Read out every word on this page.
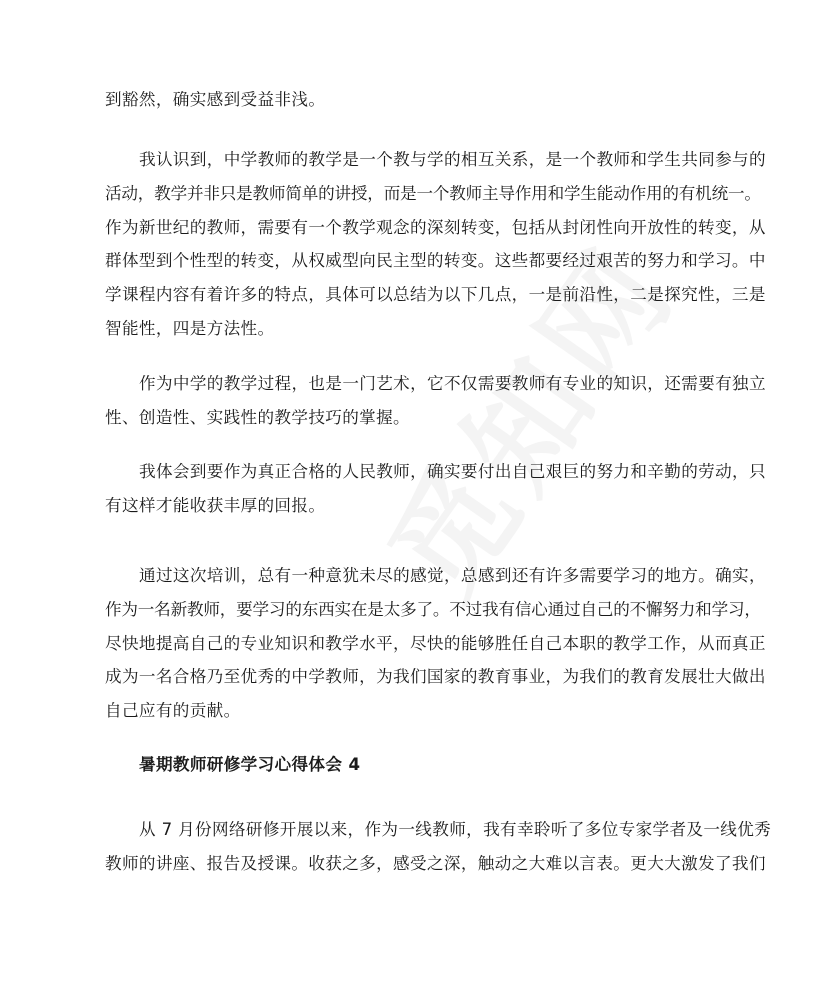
到豁然，确实感到受益非浅。
我认识到，中学教师的教学是一个教与学的相互关系，是一个教师和学生共同参与的
活动，教学并非只是教师简单的讲授，而是一个教师主导作用和学生能动作用的有机统一。
作为新世纪的教师，需要有一个教学观念的深刻转变，包括从封闭性向开放性的转变，从
群体型到个性型的转变，从权威型向民主型的转变。这些都要经过艰苦的努力和学习。中
学课程内容有着许多的特点，具体可以总结为以下几点，一是前沿性，二是探究性，三是
智能性，四是方法性。
作为中学的教学过程，也是一门艺术，它不仅需要教师有专业的知识，还需要有独立
性、创造性、实践性的教学技巧的掌握。
我体会到要作为真正合格的人民教师，确实要付出自己艰巨的努力和辛勤的劳动，只
有这样才能收获丰厚的回报。
通过这次培训，总有一种意犹未尽的感觉，总感到还有许多需要学习的地方。确实，
作为一名新教师，要学习的东西实在是太多了。不过我有信心通过自己的不懈努力和学习，
尽快地提高自己的专业知识和教学水平，尽快的能够胜任自己本职的教学工作，从而真正
成为一名合格乃至优秀的中学教师，为我们国家的教育事业，为我们的教育发展壮大做出
自己应有的贡献。
暑期教师研修学习心得体会 4
从 7 月份网络研修开展以来，作为一线教师，我有幸聆听了多位专家学者及一线优秀
教师的讲座、报告及授课。收获之多，感受之深，触动之大难以言表。更大大激发了我们
